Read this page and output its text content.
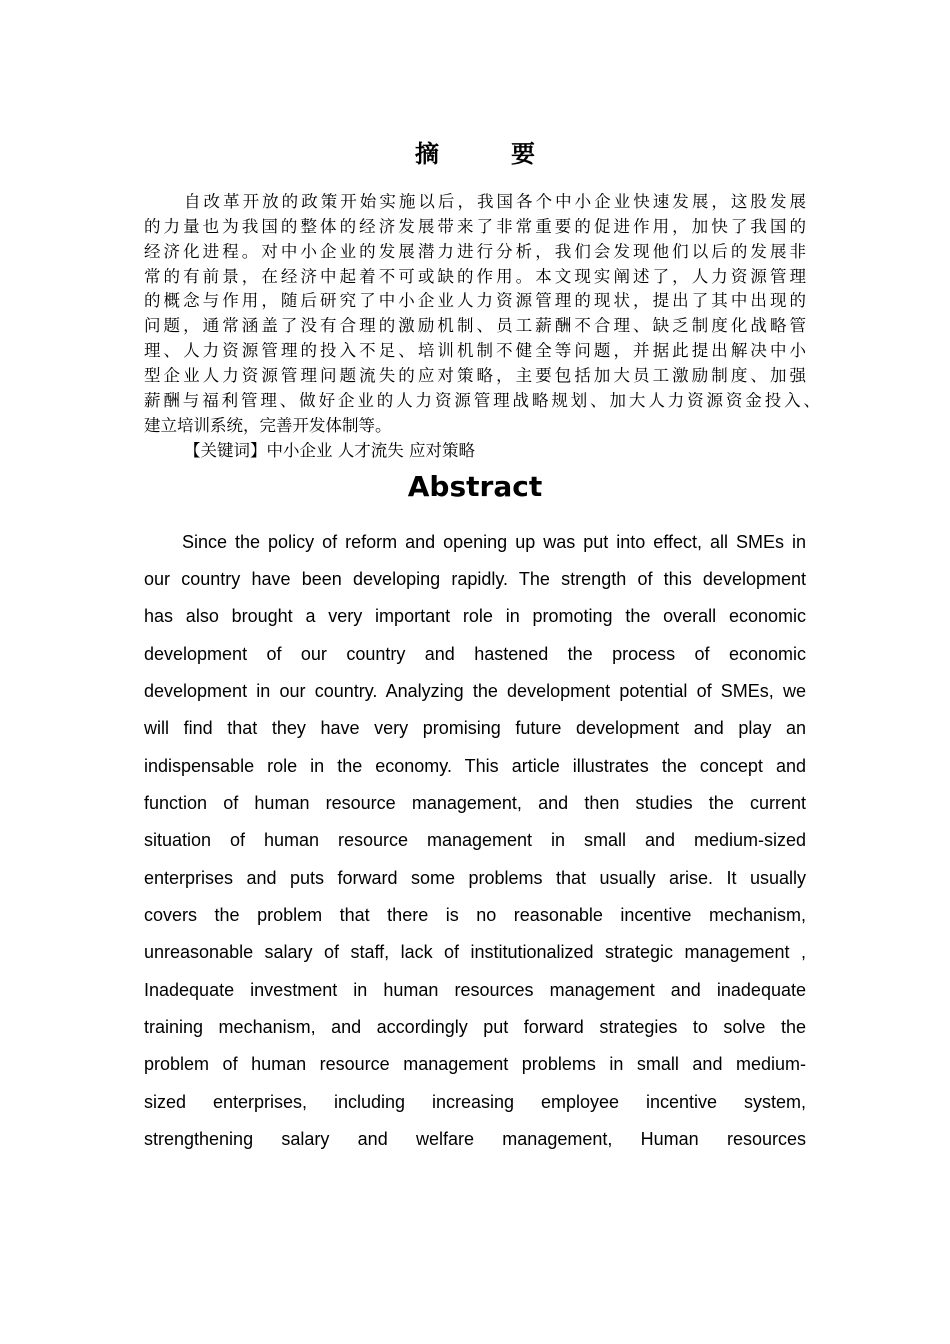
摘	要
自改革开放的政策开始实施以后，我国各个中小企业快速发展，这股发展
的力量也为我国的整体的经济发展带来了非常重要的促进作用，加快了我国的
经济化进程。对中小企业的发展潜力进行分析，我们会发现他们以后的发展非
常的有前景，在经济中起着不可或缺的作用。本文现实阐述了，人力资源管理
的概念与作用，随后研究了中小企业人力资源管理的现状，提出了其中出现的
问题，通常涵盖了没有合理的激励机制、员工薪酬不合理、缺乏制度化战略管
理、人力资源管理的投入不足、培训机制不健全等问题，并据此提出解决中小
型企业人力资源管理问题流失的应对策略，主要包括加大员工激励制度、加强
薪酬与福利管理、做好企业的人力资源管理战略规划、加大人力资源资金投入、
建立培训系统，完善开发体制等。
【关键词】中小企业 人才流失 应对策略
Abstract
Since the policy of reform and opening up was put into effect, all SMEs in
our country have been developing rapidly. The strength of this development
has also brought a very important role in promoting the overall economic
development of our country and hastened the process of economic
development in our country. Analyzing the development potential of SMEs, we
will find that they have very promising future development and play an
indispensable role in the economy. This article illustrates the concept and
function of human resource management, and then studies the current
situation of human resource management in small and medium-sized
enterprises and puts forward some problems that usually arise. It usually
covers the problem that there is no reasonable incentive mechanism,
unreasonable salary of staff, lack of institutionalized strategic management ,
Inadequate investment in human resources management and inadequate
training mechanism, and accordingly put forward strategies to solve the
problem of human resource management problems in small and medium-
sized enterprises, including increasing employee incentive system,
strengthening salary and welfare management, Human resources
